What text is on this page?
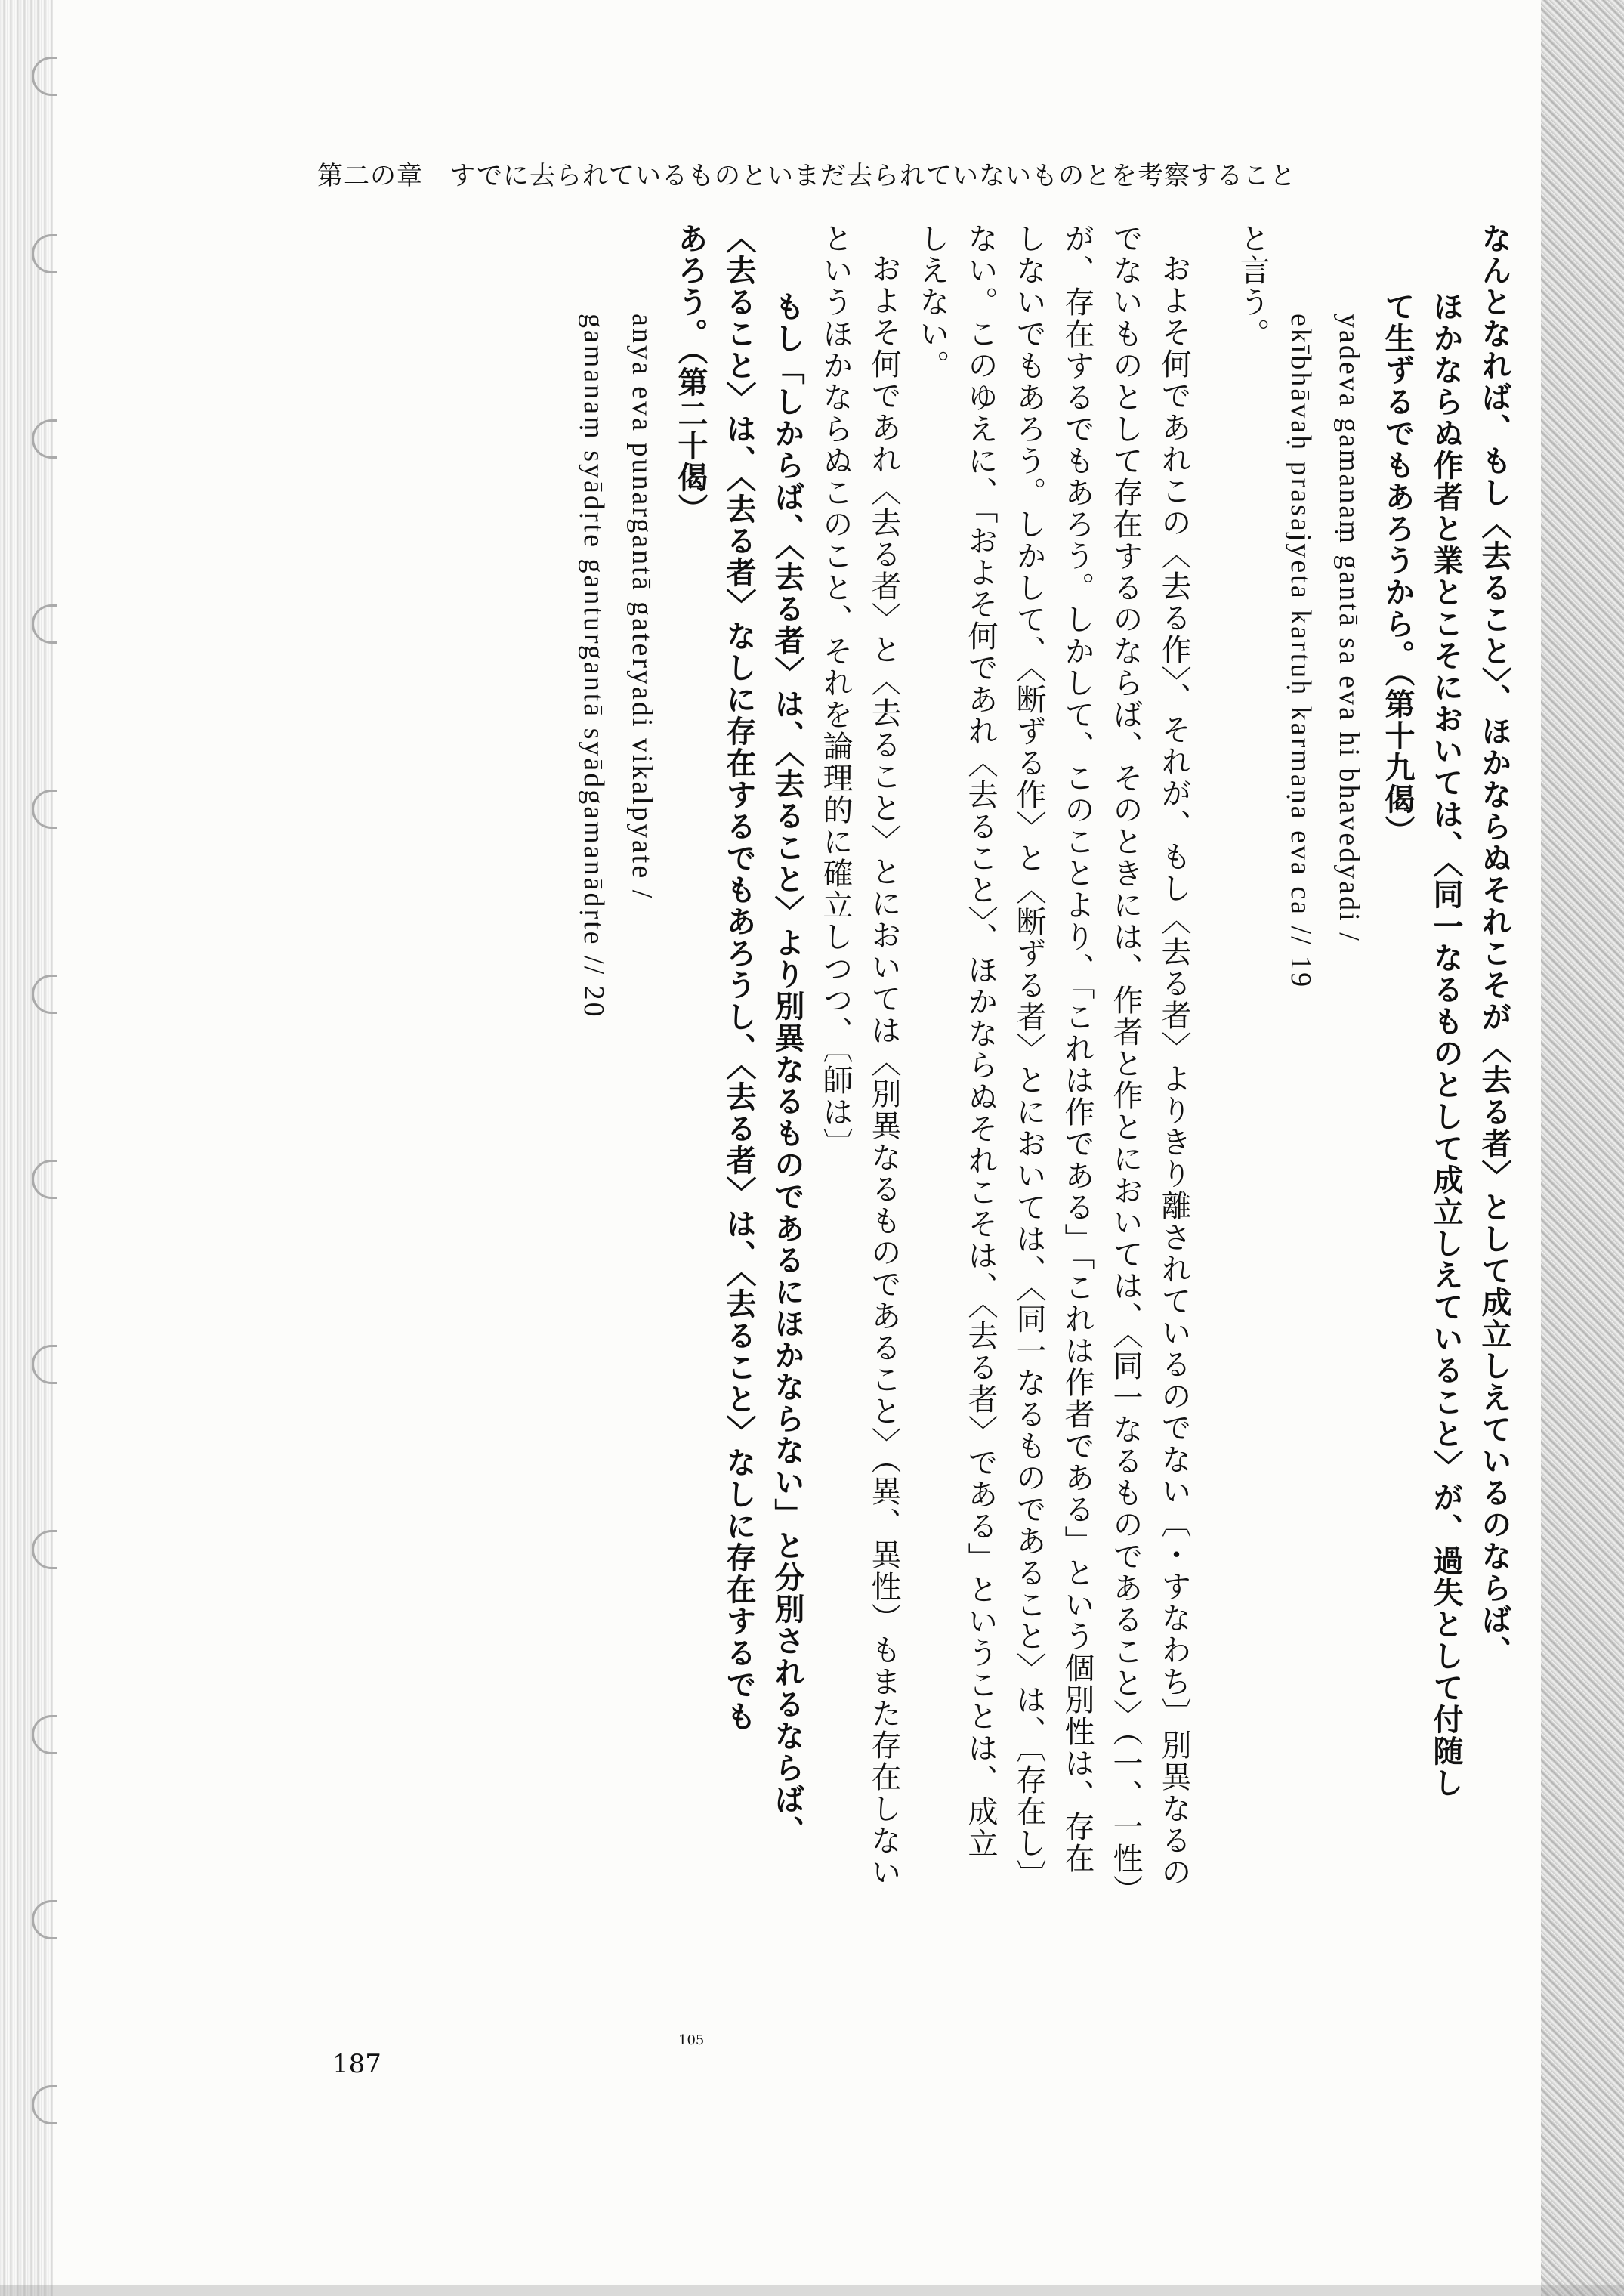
第二の章　すでに去られているものといまだ去られていないものとを考察すること

なんとなれば、もし〈去ること〉、ほかならぬそれこそが〈去る者〉として成立しえているのならば、

ほかならぬ作者と業とこそにおいては、〈同一なるものとして成立しえていること〉が、過失として付随し

て生ずるでもあろうから。（第十九偈）

yadeva gamanaṃ gantā sa eva hi bhavedyadi /

ekībhāvaḥ prasajyeta kartuḥ karmaṇa eva ca // 19

と言う。

およそ何であれこの〈去る作〉、それが、もし〈去る者〉よりきり離されているのでない〔・すなわち〕別異なるの

でないものとして存在するのならば、そのときには、作者と作とにおいては、〈同一なるものであること〉（一、一性）

が、存在するでもあろう。しかして、このことより、「これは作である」「これは作者である」という個別性は、存在

しないでもあろう。しかして、〈断ずる作〉と〈断ずる者〉とにおいては、〈同一なるものであること〉は、〔存在し〕

ない。このゆえに、「およそ何であれ〈去ること〉、ほかならぬそれこそは、〈去る者〉である」ということは、成立

しえない。

およそ何であれ〈去る者〉と〈去ること〉とにおいては〈別異なるものであること〉（異、異性）もまた存在しない

というほかならぬこのこと、それを論理的に確立しつつ、〔師は〕

もし「しからば、〈去る者〉は、〈去ること〉より別異なるものであるにほかならない」と分別されるならば、

〈去ること〉は、〈去る者〉なしに存在するでもあろうし、〈去る者〉は、〈去ること〉なしに存在するでも

あろう。（第二十偈）

anya eva punargantā gateryadi vikalpyate /

gamanaṃ syādṛte ganturgantā syādgamanādṛte // 20

105
187
